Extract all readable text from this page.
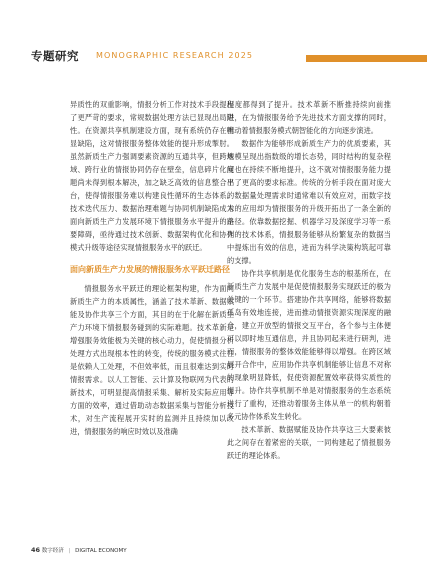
专题研究 MONOGRAPHIC RESEARCH 2025

异质性的双重影响，情报分析工作对技术手段提出了更严苛的要求，常规数据处理方法已显现出局限性。在资源共享机制建设方面，现有系统仍存在明显缺陷，这对情报服务整体效能的提升形成掣肘。虽然新质生产力强调要素资源的互通共享，但跨地域、跨行业的情报协同仍存在壁垒，信息碎片化问题尚未得到根本解决，加之缺乏高效的信息整合平台，使得情报服务难以构建良性循环的生态体系。技术迭代压力、数据治理难题与协同机制缺陷成为面向新质生产力发展环境下情报服务水平提升的主要障碍，亟待通过技术创新、数据架构优化和协作模式升级等途径实现情报服务水平的跃迁。

面向新质生产力发展的情报服务水平跃迁路径

情报服务水平跃迁的理论框架构建，作为面向新质生产力的本质属性，涵盖了技术革新、数据赋能及协作共享三个方面，其目的在于化解在新质生产力环境下情报服务碰到的实际难题。技术革新是增强服务效能极为关键的核心动力，促使情报分析处理方式出现根本性的转变，传统的服务模式往往是依赖人工处理，不但效率低，而且很难达到实时情报需求。以人工智能、云计算及物联网为代表的新技术，可明显提高情报采集、解析及实际应用等方面的效率，通过借助动态数据采集与智能分析技术，对生产流程展开实时的监测并且持续加以改进，情报服务的响应时效以及准确

程度都得到了提升。技术革新不断推持续向前推进，在为情报服务给予先进技术方面支撑的同时，推动着情报服务模式朝智能化的方向逐步演进。

数据作为能够形成新质生产力的优质要素，其规模呈现出指数级的增长态势，同时结构的复杂程度也在持续不断地提升，这不就对情报服务能力提出了更高的要求标准。传统的分析手段在面对庞大的数据量处理需求时通常难以有效应对，而数字技术的应用却为情报服务的升级开拓出了一条全新的路径。依靠数据挖掘、机器学习及深度学习等一系列的技术体系，情报服务能够从纷繁复杂的数据当中提炼出有效的信息，进而为科学决策构筑起可靠的支撑。

协作共享机制是优化服务生态的根基所在，在新质生产力发展中是促使情报服务实现跃迁的极为关键的一个环节。搭建协作共享网络，能够将数据孤岛有效地连接，进而推动情报资源实现深度的融合，建立开放型的情报交互平台，各个参与主体便可以即时地互通信息，并且协同起来进行研判，进而，情报服务的整体效能能够得以增强。在跨区域展开合作中，应用协作共享机制能够让信息不对称的现象明显降低，促使资源配置效率获得实质性的提升。协作共享机制不单是对情报服务的生态系统进行了重构，还推动着服务主体从单一的机构朝着多元协作体系发生转化。

技术革新、数据赋能及协作共享这三大要素彼此之间存在着紧密的关联，一同构建起了情报服务跃迁的理论体系。

46 数字经济 | DIGITAL ECONOMY
